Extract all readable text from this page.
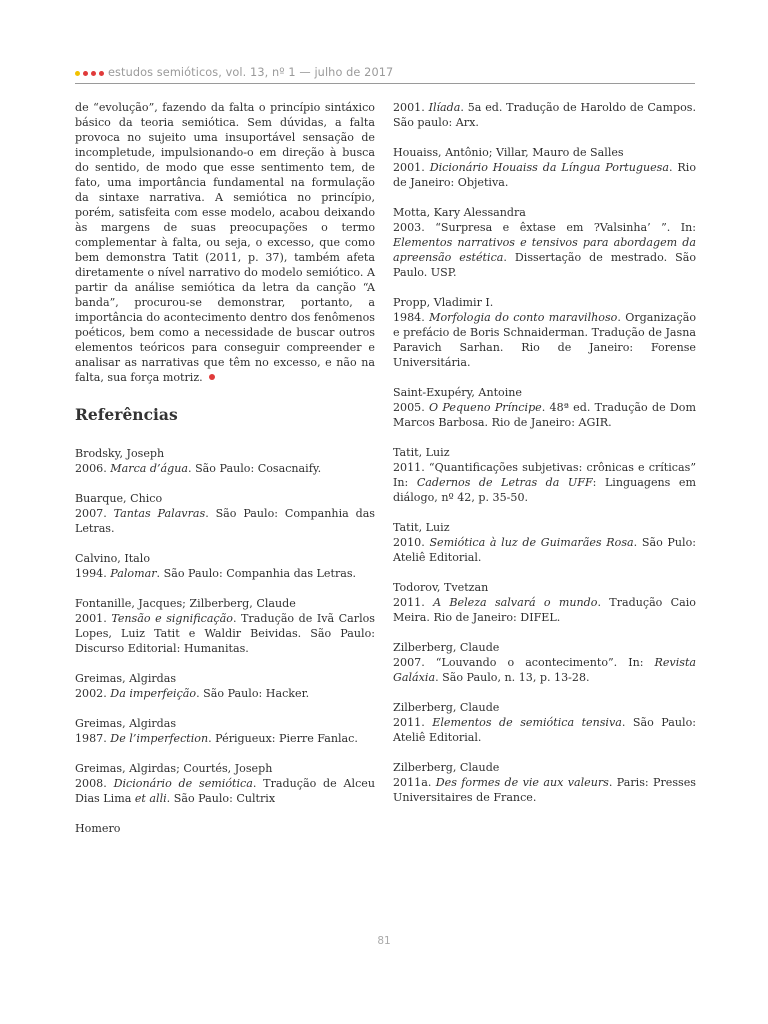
estudos semióticos, vol. 13, nº 1 — julho de 2017

de “evolução”, fazendo da falta o princípio sintáxico básico da teoria semiótica. Sem dúvidas, a falta provoca no sujeito uma insuportável sensação de incompletude, impulsionando-o em direção à busca do sentido, de modo que esse sentimento tem, de fato, uma importância fundamental na formulação da sintaxe narrativa. A semiótica no princípio, porém, satisfeita com esse modelo, acabou deixando às margens de suas preocupações o termo complementar à falta, ou seja, o excesso, que como bem demonstra Tatit (2011, p. 37), também afeta diretamente o nível narrativo do modelo semiótico. A partir da análise semiótica da letra da canção “A banda”, procurou-se demonstrar, portanto, a importância do acontecimento dentro dos fenômenos poéticos, bem como a necessidade de buscar outros elementos teóricos para conseguir compreender e analisar as narrativas que têm no excesso, e não na falta, sua força motriz.

Referências

Brodsky, Joseph

2006. Marca d’água. São Paulo: Cosacnaify.

Buarque, Chico

2007. Tantas Palavras. São Paulo: Companhia das Letras.

Calvino, Italo

1994. Palomar. São Paulo: Companhia das Letras.

Fontanille, Jacques; Zilberberg, Claude

2001. Tensão e significação. Tradução de Ivã Carlos Lopes, Luiz Tatit e Waldir Beividas. São Paulo: Discurso Editorial: Humanitas.

Greimas, Algirdas

2002. Da imperfeição. São Paulo: Hacker.

Greimas, Algirdas

1987. De l’imperfection. Périgueux: Pierre Fanlac.

Greimas, Algirdas; Courtés, Joseph

2008. Dicionário de semiótica. Tradução de Alceu Dias Lima et alli. São Paulo: Cultrix

Homero

2001. Ilíada. 5a ed. Tradução de Haroldo de Campos. São paulo: Arx.

Houaiss, Antônio; Villar, Mauro de Salles

2001. Dicionário Houaiss da Língua Portuguesa. Rio de Janeiro: Objetiva.

Motta, Kary Alessandra

2003. “Surpresa e êxtase em ?Valsinha’ ”. In: Elementos narrativos e tensivos para abordagem da apreensão estética. Dissertação de mestrado. São Paulo. USP.

Propp, Vladimir I.

1984. Morfologia do conto maravilhoso. Organização e prefácio de Boris Schnaiderman. Tradução de Jasna Paravich Sarhan. Rio de Janeiro: Forense Universitária.

Saint-Exupéry, Antoine

2005. O Pequeno Príncipe. 48ª ed. Tradução de Dom Marcos Barbosa. Rio de Janeiro: AGIR.

Tatit, Luiz

2011. “Quantificações subjetivas: crônicas e críticas” In: Cadernos de Letras da UFF: Linguagens em diálogo, nº 42, p. 35-50.

Tatit, Luiz

2010. Semiótica à luz de Guimarães Rosa. São Pulo: Ateliê Editorial.

Todorov, Tvetzan

2011. A Beleza salvará o mundo. Tradução Caio Meira. Rio de Janeiro: DIFEL.

Zilberberg, Claude

2007. “Louvando o acontecimento”. In: Revista Galáxia. São Paulo, n. 13, p. 13-28.

Zilberberg, Claude

2011. Elementos de semiótica tensiva. São Paulo: Ateliê Editorial.

Zilberberg, Claude

2011a. Des formes de vie aux valeurs. Paris: Presses Universitaires de France.

81
